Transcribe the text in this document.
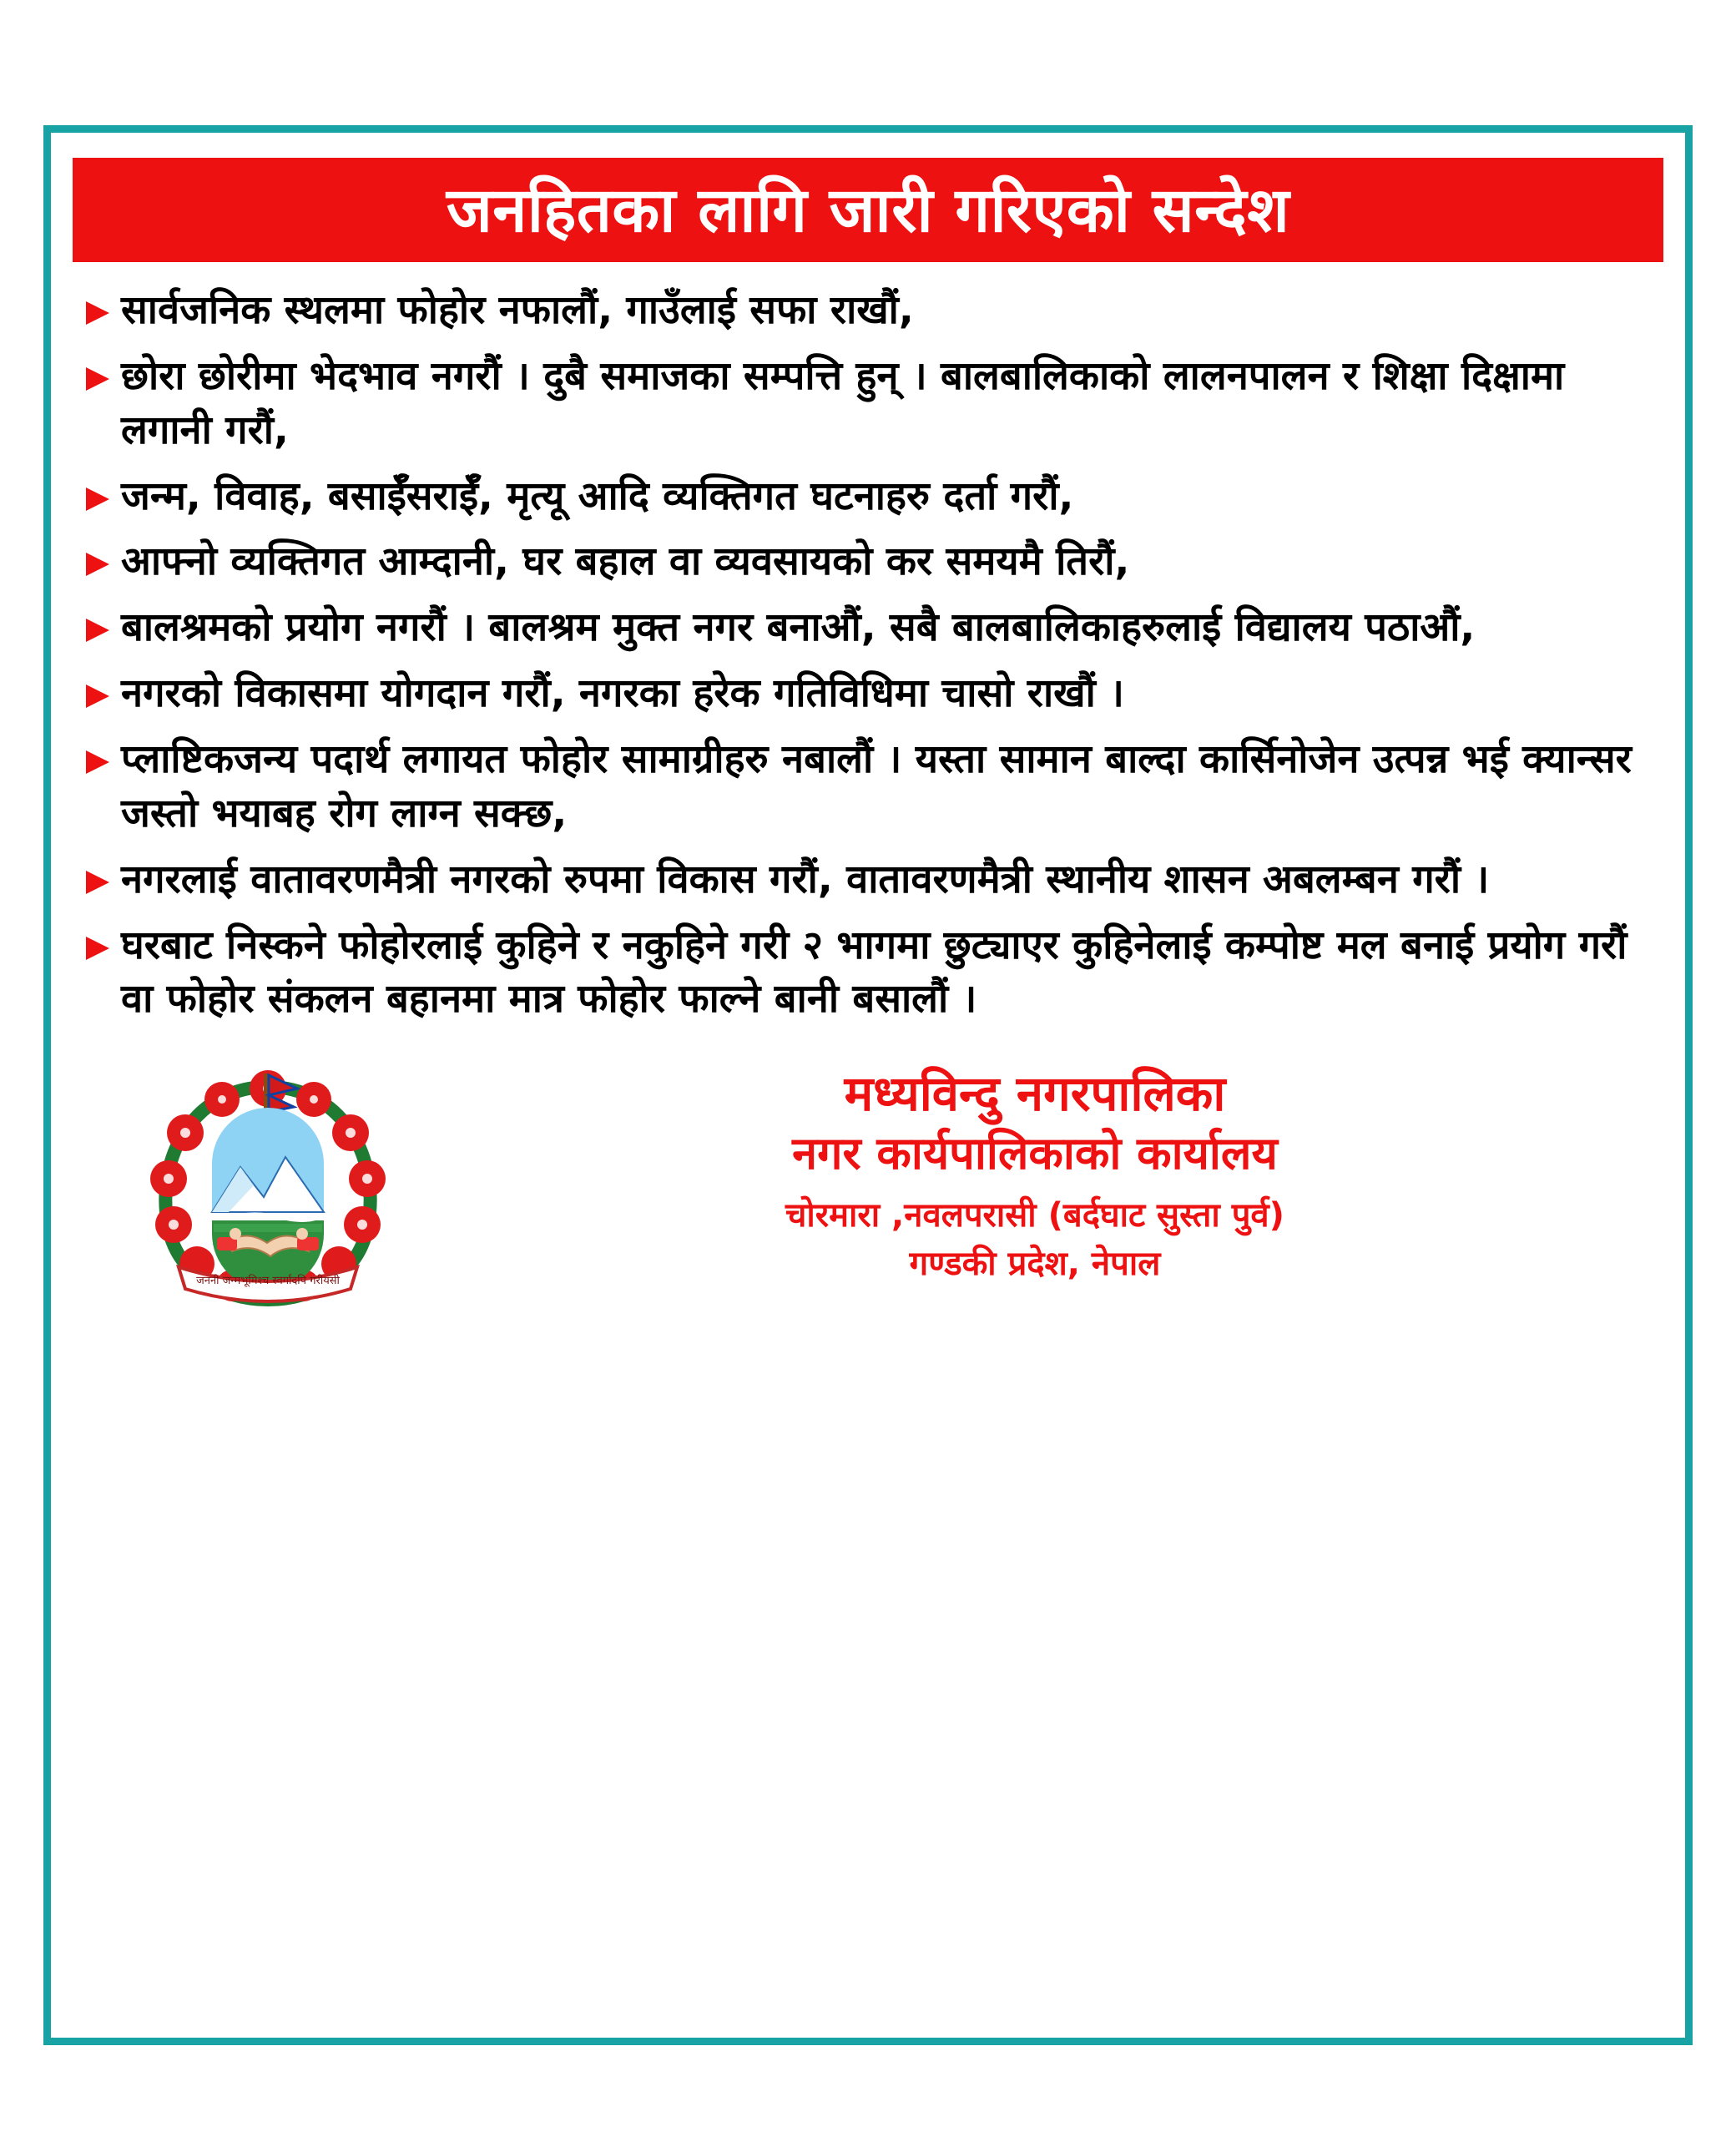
जनहितका लागि जारी गरिएको सन्देश
सार्वजनिक स्थलमा फोहोर नफालौं, गाउँलाई सफा राखौं,
छोरा छोरीमा भेदभाव नगरौं । दुबै समाजका सम्पत्ति हुन् । बालबालिकाको लालनपालन र शिक्षा दिक्षामा लगानी गरौं,
जन्म, विवाह, बसाईँसराईँ, मृत्यू आदि व्यक्तिगत घटनाहरु दर्ता गरौं,
आफ्नो व्यक्तिगत आम्दानी, घर बहाल वा व्यवसायको कर समयमै तिरौं,
बालश्रमको प्रयोग नगरौं । बालश्रम मुक्त नगर बनाऔं, सबै बालबालिकाहरुलाई विद्यालय पठाऔं,
नगरको विकासमा योगदान गरौं, नगरका हरेक गतिविधिमा चासो राखौं ।
प्लाष्टिकजन्य पदार्थ लगायत फोहोर सामाग्रीहरु नबालौं । यस्ता सामान बाल्दा कार्सिनोजेन उत्पन्न भई क्यान्सर जस्तो भयाबह रोग लाग्न सक्छ,
नगरलाई वातावरणमैत्री नगरको रुपमा विकास गरौं, वातावरणमैत्री स्थानीय शासन अबलम्बन गरौं ।
घरबाट निस्कने फोहोरलाई कुहिने र नकुहिने गरी २ भागमा छुट्याएर कुहिनेलाई कम्पोष्ट मल बनाई प्रयोग गरौं वा फोहोर संकलन बहानमा मात्र फोहोर फाल्ने बानी बसालौं ।
जननी जन्मभूमिश्च स्वर्गादपि गरीयसी
मध्यविन्दु नगरपालिका
नगर कार्यपालिकाको कार्यालय
चोरमारा ,नवलपरासी (बर्दघाट सुस्ता पुर्व)
गण्डकी प्रदेश, नेपाल
